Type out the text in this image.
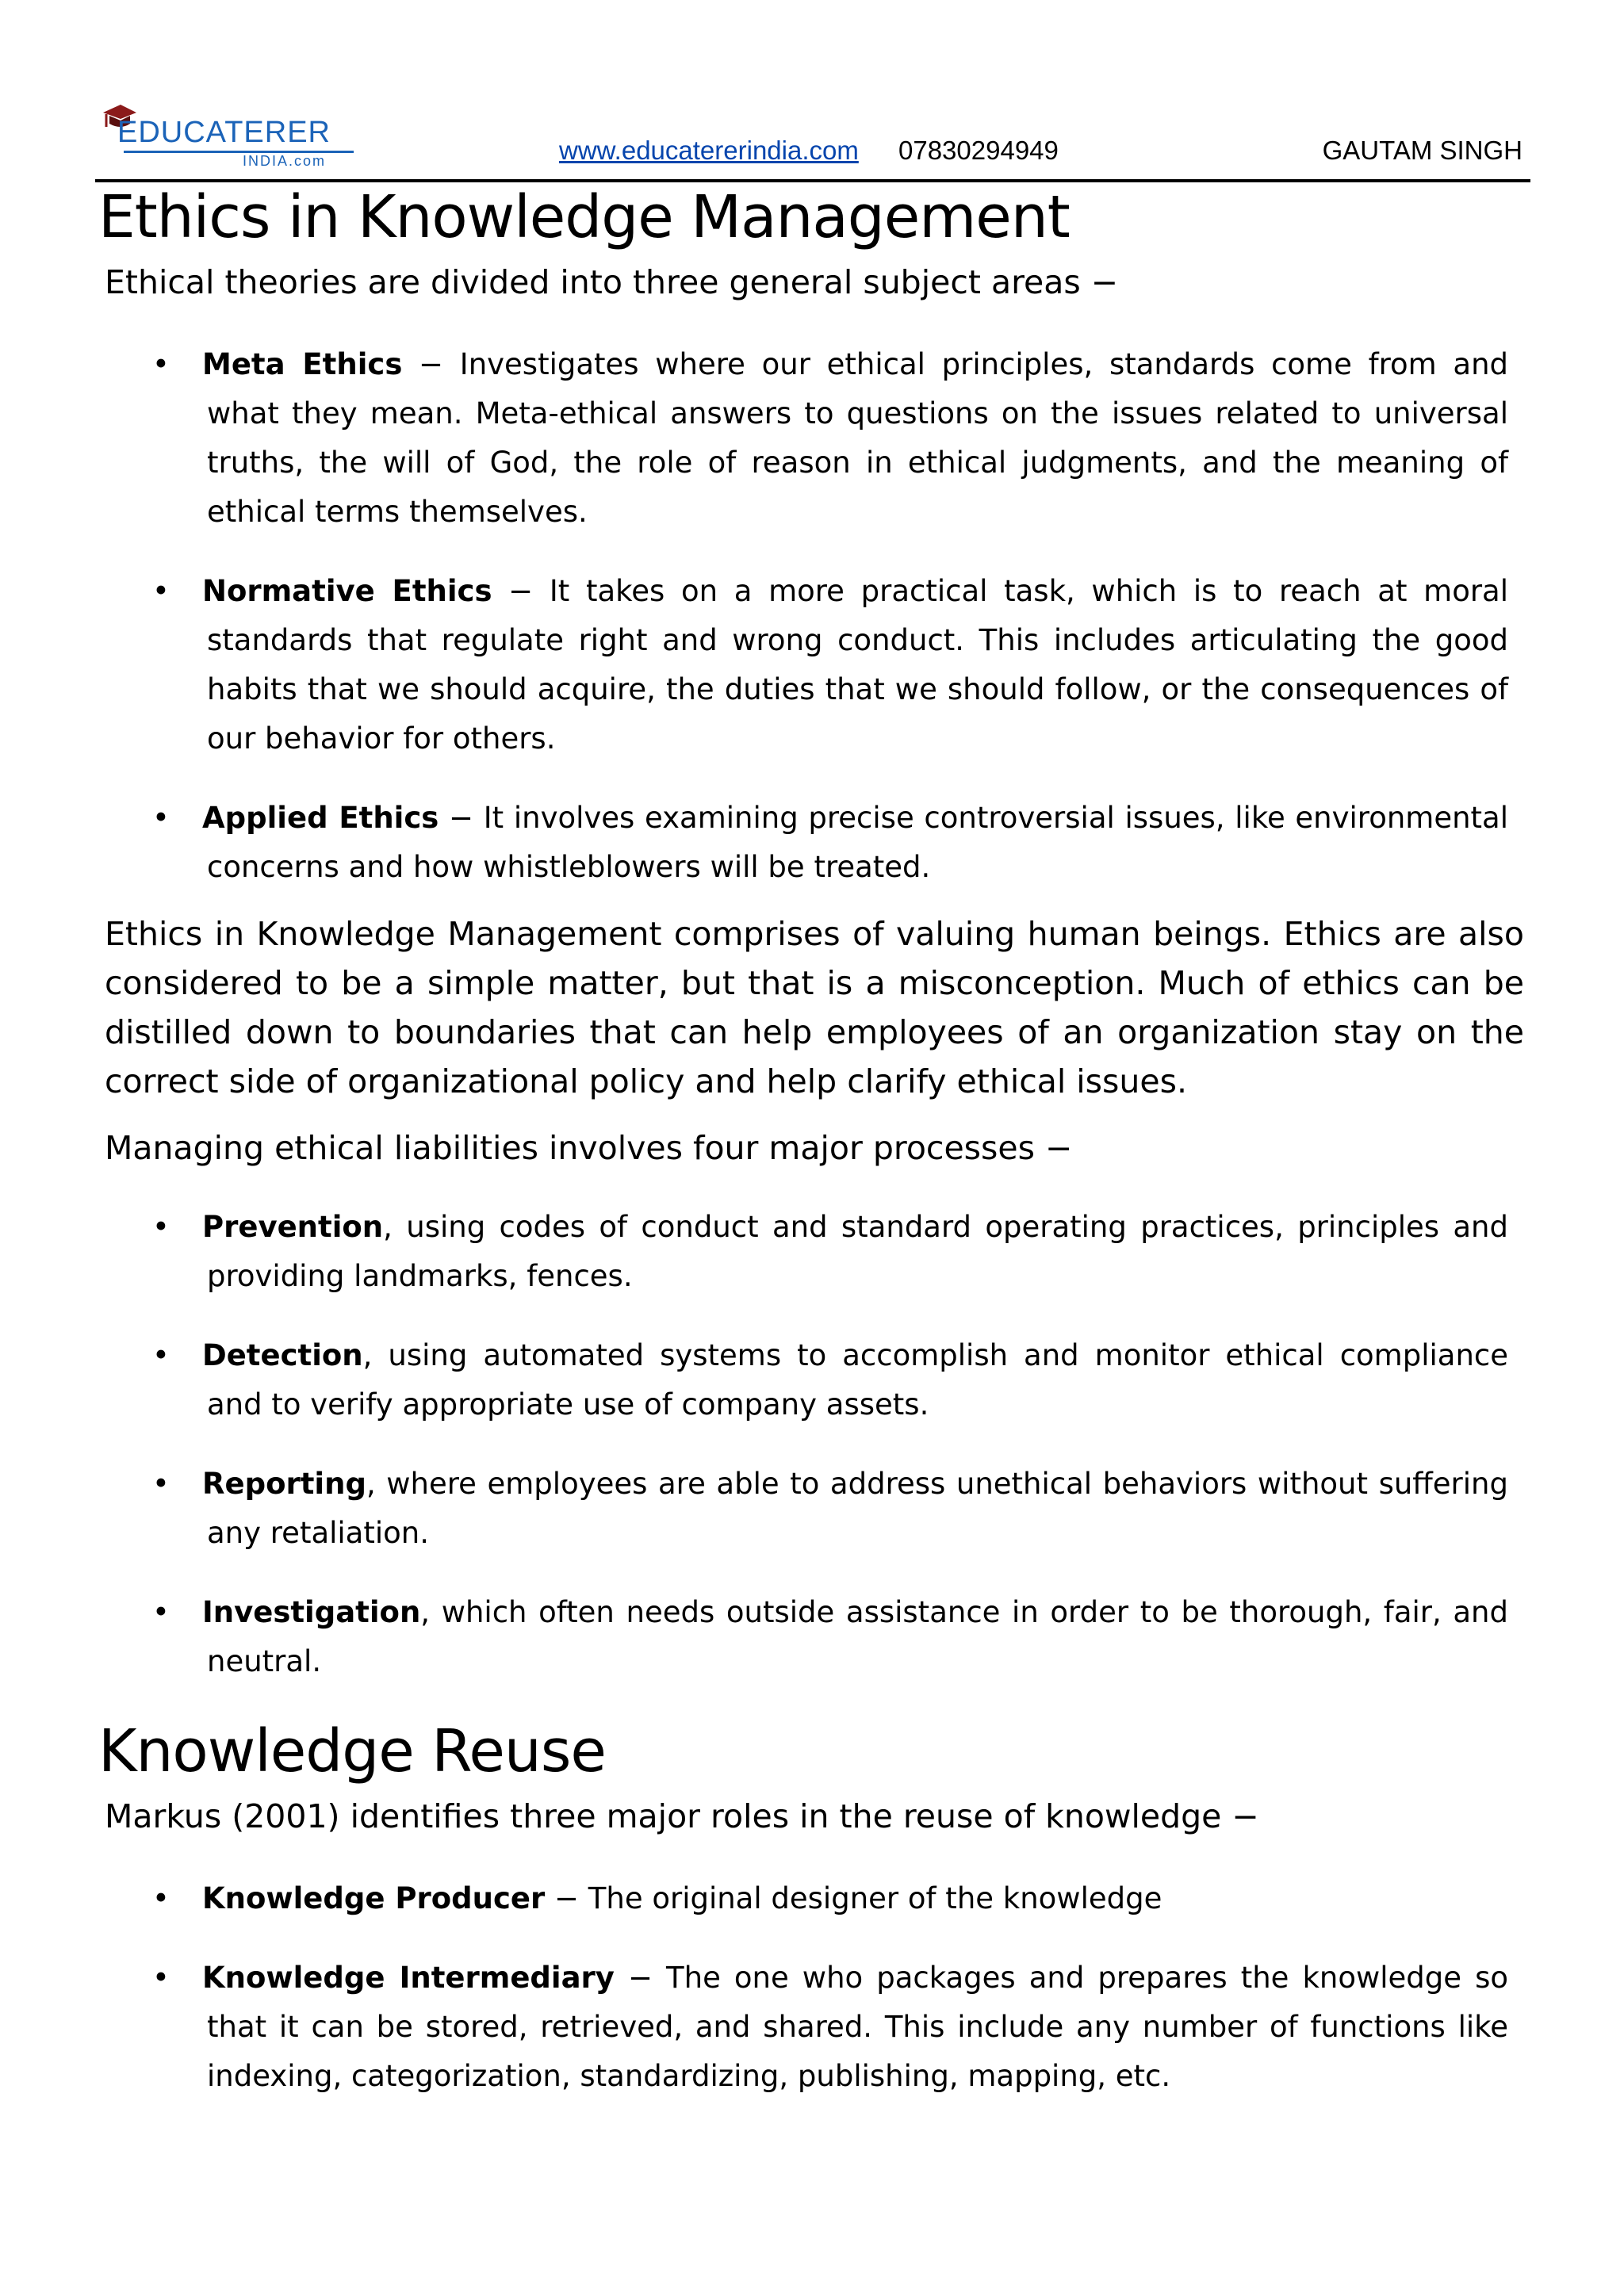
EDUCATERER
INDIA.com	www.educatererindia.com 07830294949	GAUTAM SINGH
Ethics in Knowledge Management

Ethical theories are divided into three general subject areas −

• Meta Ethics − Investigates where our ethical principles, standards come from and what they mean. Meta-ethical answers to questions on the issues related to universal truths, the will of God, the role of reason in ethical judgments, and the meaning of ethical terms themselves.
• Normative Ethics − It takes on a more practical task, which is to reach at moral standards that regulate right and wrong conduct. This includes articulating the good habits that we should acquire, the duties that we should follow, or the consequences of our behavior for others.
• Applied Ethics − It involves examining precise controversial issues, like environmental concerns and how whistleblowers will be treated.

Ethics in Knowledge Management comprises of valuing human beings. Ethics are also considered to be a simple matter, but that is a misconception. Much of ethics can be distilled down to boundaries that can help employees of an organization stay on the correct side of organizational policy and help clarify ethical issues.

Managing ethical liabilities involves four major processes −

• Prevention, using codes of conduct and standard operating practices, principles and providing landmarks, fences.
• Detection, using automated systems to accomplish and monitor ethical compliance and to verify appropriate use of company assets.
• Reporting, where employees are able to address unethical behaviors without suffering any retaliation.
• Investigation, which often needs outside assistance in order to be thorough, fair, and neutral.
Knowledge Reuse

Markus (2001) identifies three major roles in the reuse of knowledge −

• Knowledge Producer − The original designer of the knowledge
• Knowledge Intermediary − The one who packages and prepares the knowledge so that it can be stored, retrieved, and shared. This include any number of functions like indexing, categorization, standardizing, publishing, mapping, etc.
